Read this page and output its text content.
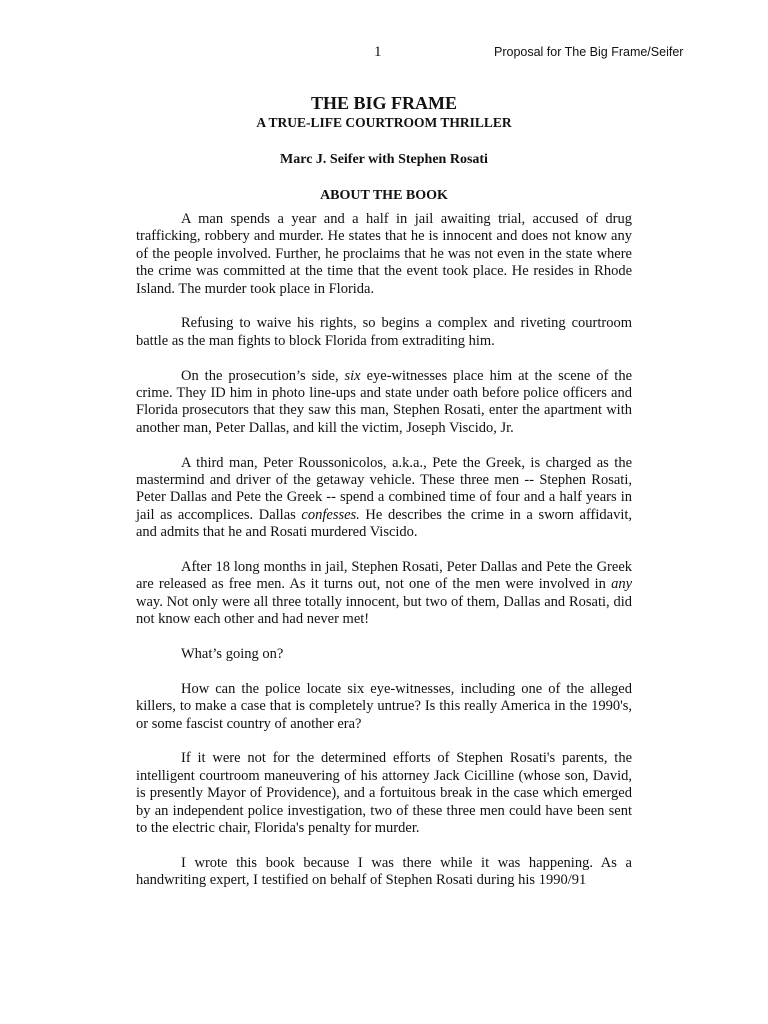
1	Proposal for The Big Frame/Seifer

THE BIG FRAME

A TRUE-LIFE COURTROOM THRILLER

Marc J. Seifer with Stephen Rosati

ABOUT THE BOOK

A man spends a year and a half in jail awaiting trial, accused of drug trafficking, robbery and murder. He states that he is innocent and does not know any of the people involved. Further, he proclaims that he was not even in the state where the crime was committed at the time that the event took place. He resides in Rhode Island. The murder took place in Florida.

Refusing to waive his rights, so begins a complex and riveting courtroom battle as the man fights to block Florida from extraditing him.

On the prosecution’s side, six eye-witnesses place him at the scene of the crime. They ID him in photo line-ups and state under oath before police officers and Florida prosecutors that they saw this man, Stephen Rosati, enter the apartment with another man, Peter Dallas, and kill the victim, Joseph Viscido, Jr.

A third man, Peter Roussonicolos, a.k.a., Pete the Greek, is charged as the mastermind and driver of the getaway vehicle. These three men -- Stephen Rosati, Peter Dallas and Pete the Greek -- spend a combined time of four and a half years in jail as accomplices. Dallas confesses. He describes the crime in a sworn affidavit, and admits that he and Rosati murdered Viscido.

After 18 long months in jail, Stephen Rosati, Peter Dallas and Pete the Greek are released as free men. As it turns out, not one of the men were involved in any way. Not only were all three totally innocent, but two of them, Dallas and Rosati, did not know each other and had never met!

What’s going on?

How can the police locate six eye-witnesses, including one of the alleged killers, to make a case that is completely untrue? Is this really America in the 1990's, or some fascist country of another era?

If it were not for the determined efforts of Stephen Rosati's parents, the intelligent courtroom maneuvering of his attorney Jack Cicilline (whose son, David, is presently Mayor of Providence), and a fortuitous break in the case which emerged by an independent police investigation, two of these three men could have been sent to the electric chair, Florida's penalty for murder.

I wrote this book because I was there while it was happening. As a handwriting expert, I testified on behalf of Stephen Rosati during his 1990/91
